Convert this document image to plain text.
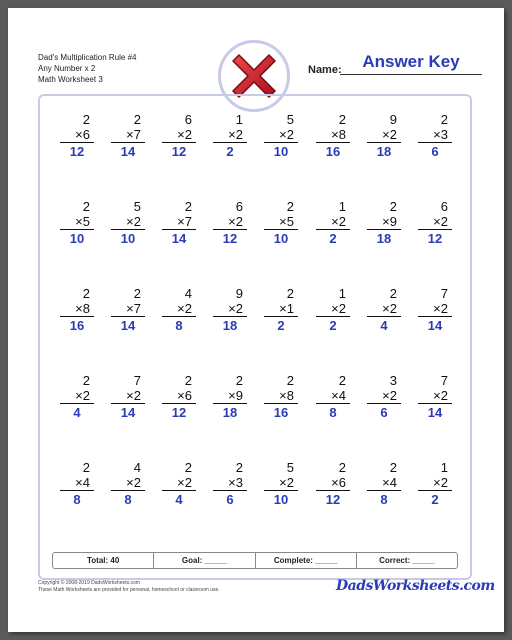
Dad's Multiplication Rule #4
Any Number x 2
Math Worksheet 3
Name:	Answer Key
2
×6
12
2
×7
14
6
×2
12
1
×2
2
5
×2
10
2
×8
16
9
×2
18
2
×3
6
2
×5
10
5
×2
10
2
×7
14
6
×2
12
2
×5
10
1
×2
2
2
×9
18
6
×2
12
2
×8
16
2
×7
14
4
×2
8
9
×2
18
2
×1
2
1
×2
2
2
×2
4
7
×2
14
2
×2
4
7
×2
14
2
×6
12
2
×9
18
2
×8
16
2
×4
8
3
×2
6
7
×2
14
2
×4
8
4
×2
8
2
×2
4
2
×3
6
5
×2
10
2
×6
12
2
×4
8
1
×2
2
Total: 40	Goal: _____	Complete: _____	Correct: _____
Copyright © 2008-2019 DadsWorksheets.com
These Math Worksheets are provided for personal, homeschool or classroom use.	DadsWorksheets.com
